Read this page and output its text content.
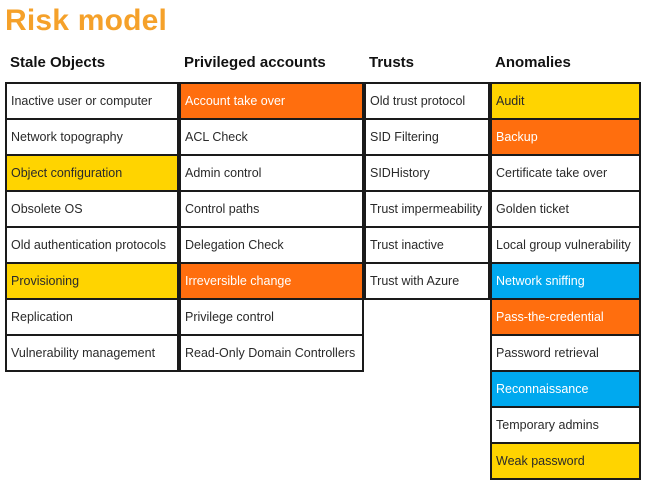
Risk model
Stale Objects
Inactive user or computer
Network topography
Object configuration
Obsolete OS
Old authentication protocols
Provisioning
Replication
Vulnerability management
Privileged accounts
Account take over
ACL Check
Admin control
Control paths
Delegation Check
Irreversible change
Privilege control
Read-Only Domain Controllers
Trusts
Old trust protocol
SID Filtering
SIDHistory
Trust impermeability
Trust inactive
Trust with Azure
Anomalies
Audit
Backup
Certificate take over
Golden ticket
Local group vulnerability
Network sniffing
Pass-the-credential
Password retrieval
Reconnaissance
Temporary admins
Weak password
